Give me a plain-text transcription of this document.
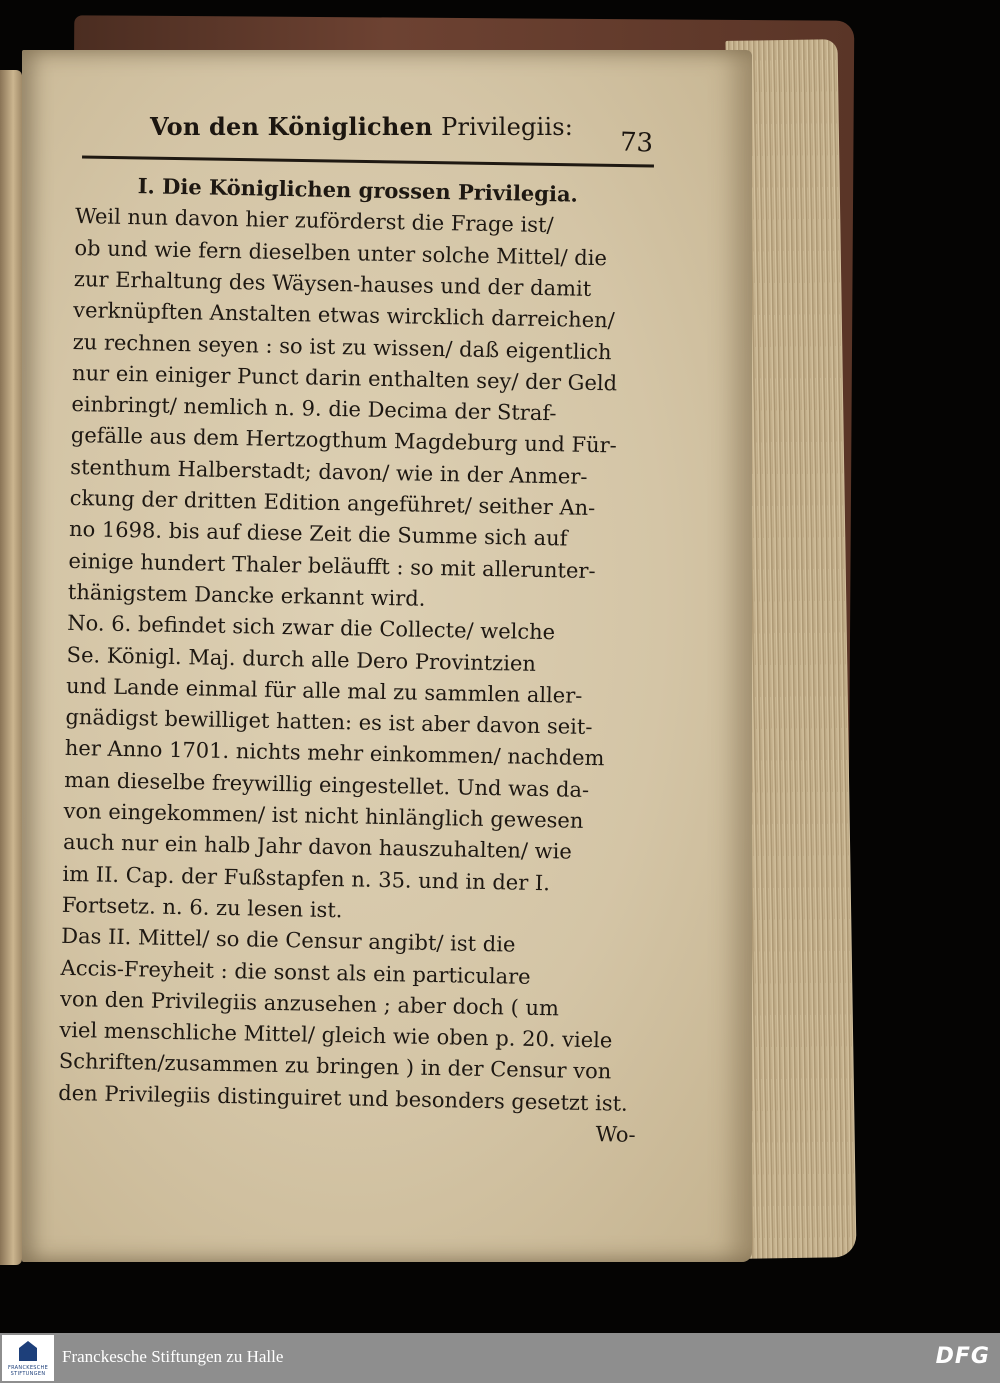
Von den Königlichen Privilegiis:
73
I. Die Königlichen grossen Privilegia.
Weil nun davon hier zuförderst die Frage ist/
ob und wie fern dieselben unter solche Mittel/ die
zur Erhaltung des Wäysen-hauses und der damit
verknüpften Anstalten etwas wircklich darreichen/
zu rechnen seyen : so ist zu wissen/ daß eigentlich
nur ein einiger Punct darin enthalten sey/ der Geld
einbringt/ nemlich n. 9. die Decima der Straf-
gefälle aus dem Hertzogthum Magdeburg und Für-
stenthum Halberstadt; davon/ wie in der Anmer-
ckung der dritten Edition angeführet/ seither An-
no 1698. bis auf diese Zeit die Summe sich auf
einige hundert Thaler beläufft : so mit allerunter-
thänigstem Dancke erkannt wird.
No. 6. befindet sich zwar die Collecte/ welche
Se. Königl. Maj. durch alle Dero Provintzien
und Lande einmal für alle mal zu sammlen aller-
gnädigst bewilliget hatten: es ist aber davon seit-
her Anno 1701. nichts mehr einkommen/ nachdem
man dieselbe freywillig eingestellet. Und was da-
von eingekommen/ ist nicht hinlänglich gewesen
auch nur ein halb Jahr davon hauszuhalten/ wie
im II. Cap. der Fußstapfen n. 35. und in der I.
Fortsetz. n. 6. zu lesen ist.
Das II. Mittel/ so die Censur angibt/ ist die
Accis-Freyheit : die sonst als ein particulare
von den Privilegiis anzusehen ; aber doch ( um
viel menschliche Mittel/ gleich wie oben p. 20. viele
Schriften/zusammen zu bringen ) in der Censur von
den Privilegiis distinguiret und besonders gesetzt ist.
Wo-
FRANCKESCHE STIFTUNGEN
Franckesche Stiftungen zu Halle	DFG
